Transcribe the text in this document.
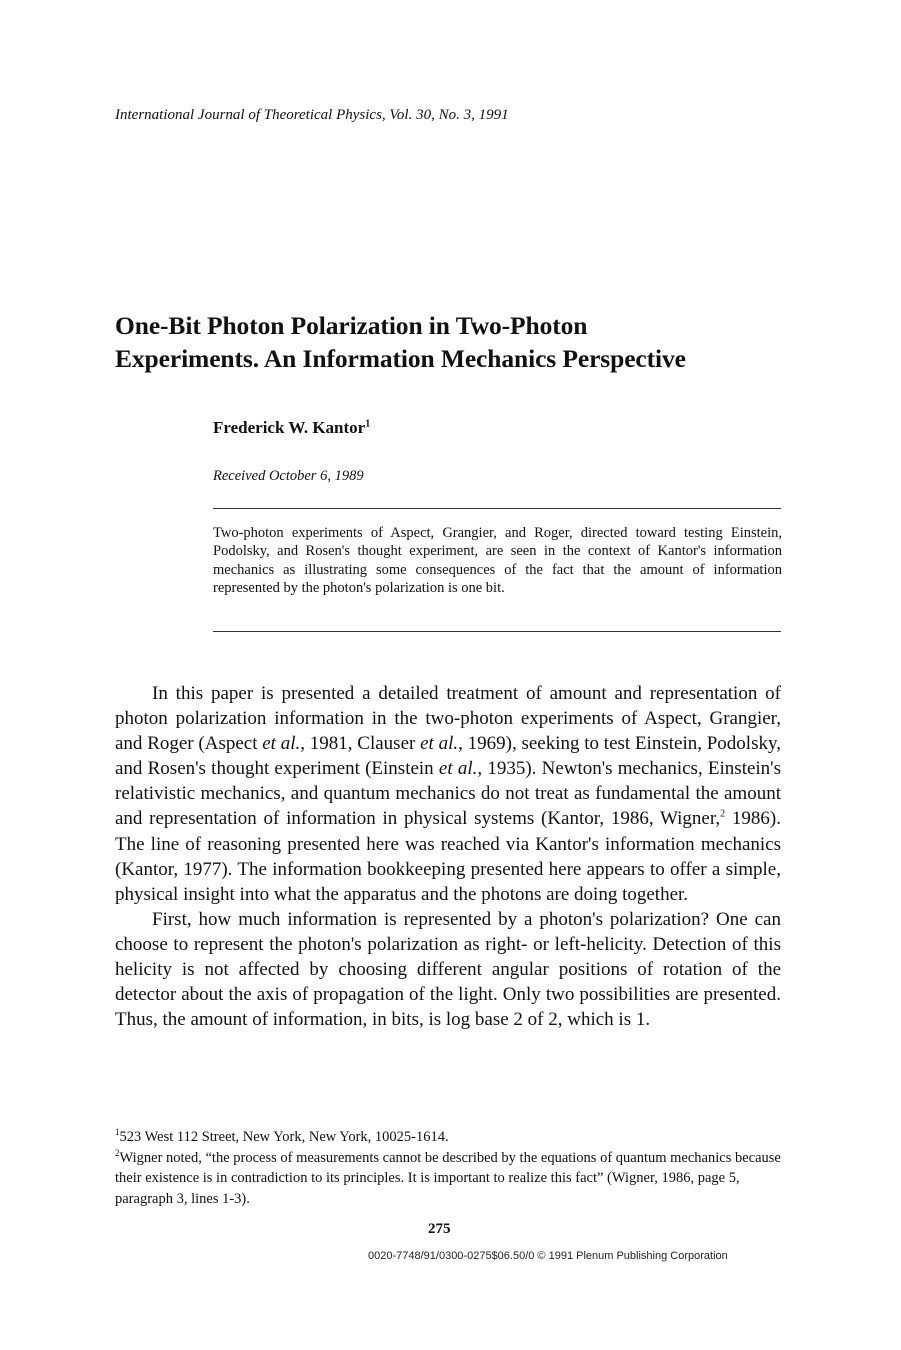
International Journal of Theoretical Physics, Vol. 30, No. 3, 1991
One-Bit Photon Polarization in Two-Photon
Experiments. An Information Mechanics Perspective
Frederick W. Kantor$^1$
Received October 6, 1989
Two-photon experiments of Aspect, Grangier, and Roger, directed toward testing Einstein, Podolsky, and Rosen's thought experiment, are seen in the context of Kantor's information mechanics as illustrating some consequences of the fact that the amount of information represented by the photon's polarization is one bit.

In this paper is presented a detailed treatment of amount and representation of photon polarization information in the two-photon experiments of Aspect, Grangier, and Roger (Aspect et al., 1981, Clauser et al., 1969), seeking to test Einstein, Podolsky, and Rosen's thought experiment (Einstein et al., 1935). Newton's mechanics, Einstein's relativistic mechanics, and quantum mechanics do not treat as fundamental the amount and representation of information in physical systems (Kantor, 1986, Wigner,$^2$ 1986). The line of reasoning presented here was reached via Kantor's information mechanics (Kantor, 1977). The information bookkeeping presented here appears to offer a simple, physical insight into what the apparatus and the photons are doing together.

First, how much information is represented by a photon's polarization? One can choose to represent the photon's polarization as right- or left-helicity. Detection of this helicity is not affected by choosing different angular positions of rotation of the detector about the axis of propagation of the light. Only two possibilities are presented. Thus, the amount of information, in bits, is log base 2 of 2, which is 1.

$^1$523 West 112 Street, New York, New York, 10025-1614.

$^2$Wigner noted, “the process of measurements cannot be described by the equations of quantum mechanics because their existence is in contradiction to its principles. It is important to realize this fact” (Wigner, 1986, page 5, paragraph 3, lines 1-3).

275
0020-7748/91/0300-0275$06.50/0 © 1991 Plenum Publishing Corporation
